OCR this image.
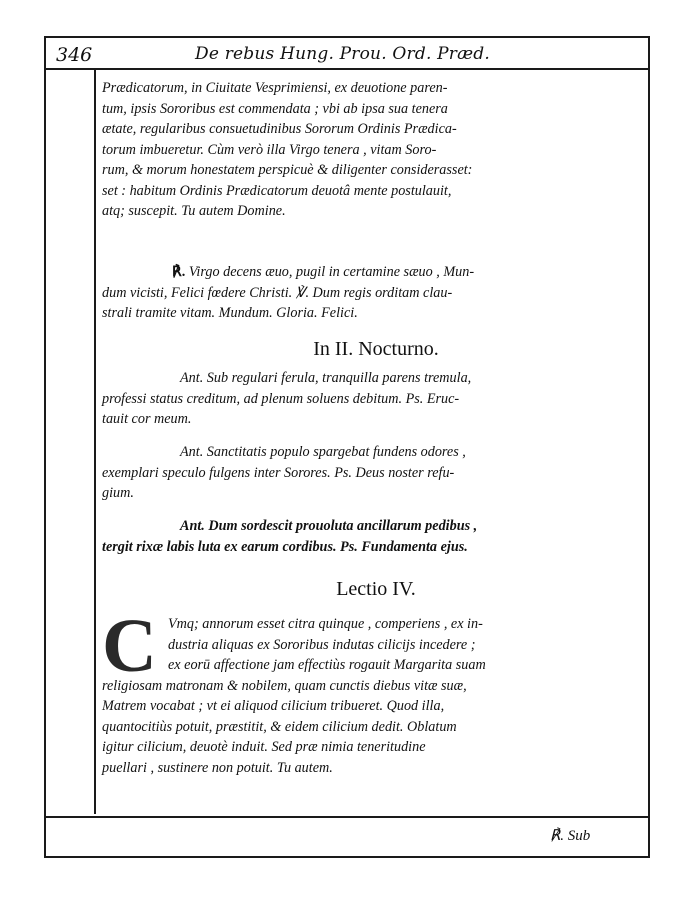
346	De rebus Hung. Prou. Ord. Præd.
Prædicatorum, in Ciuitate Vesprimiensi, ex deuotione paren-
tum, ipsis Sororibus est commendata ; vbi ab ipsa sua tenera
ætate, regularibus consuetudinibus Sororum Ordinis Prædica-
torum imbueretur. Cùm verò illa Virgo tenera , vitam Soro-
rum, & morum honestatem perspicuè & diligenter considerasset:
set : habitum Ordinis Prædicatorum deuotâ mente postulauit,
atq; suscepit. Tu autem Domine.
℟. Virgo decens æuo, pugil in certamine sæuo , Mun-
dum vicisti, Felici fœdere Christi. ℣. Dum regis orditam clau-
strali tramite vitam. Mundum. Gloria. Felici.
In II. Nocturno.
Ant. Sub regulari ferula, tranquilla parens tremula,
professi status creditum, ad plenum soluens debitum. Ps. Eruc-
tauit cor meum.
Ant. Sanctitatis populo spargebat fundens odores ,
exemplari speculo fulgens inter Sorores. Ps. Deus noster refu-
gium.
Ant. Dum sordescit prouoluta ancillarum pedibus ,
tergit rixæ labis luta ex earum cordibus. Ps. Fundamenta ejus.
Lectio IV.
C Vmq; annorum esset citra quinque , comperiens , ex in-
dustria aliquas ex Sororibus indutas cilicijs incedere ;
ex eorū affectione jam effectiùs rogauit Margarita suam
religiosam matronam & nobilem, quam cunctis diebus vitæ suæ,
Matrem vocabat ; vt ei aliquod cilicium tribueret. Quod illa,
quantocitiùs potuit, præstitit, & eidem cilicium dedit. Oblatum
igitur cilicium, deuotè induit. Sed præ nimia teneritudine
puellari , sustinere non potuit. Tu autem.
℟. Sub
